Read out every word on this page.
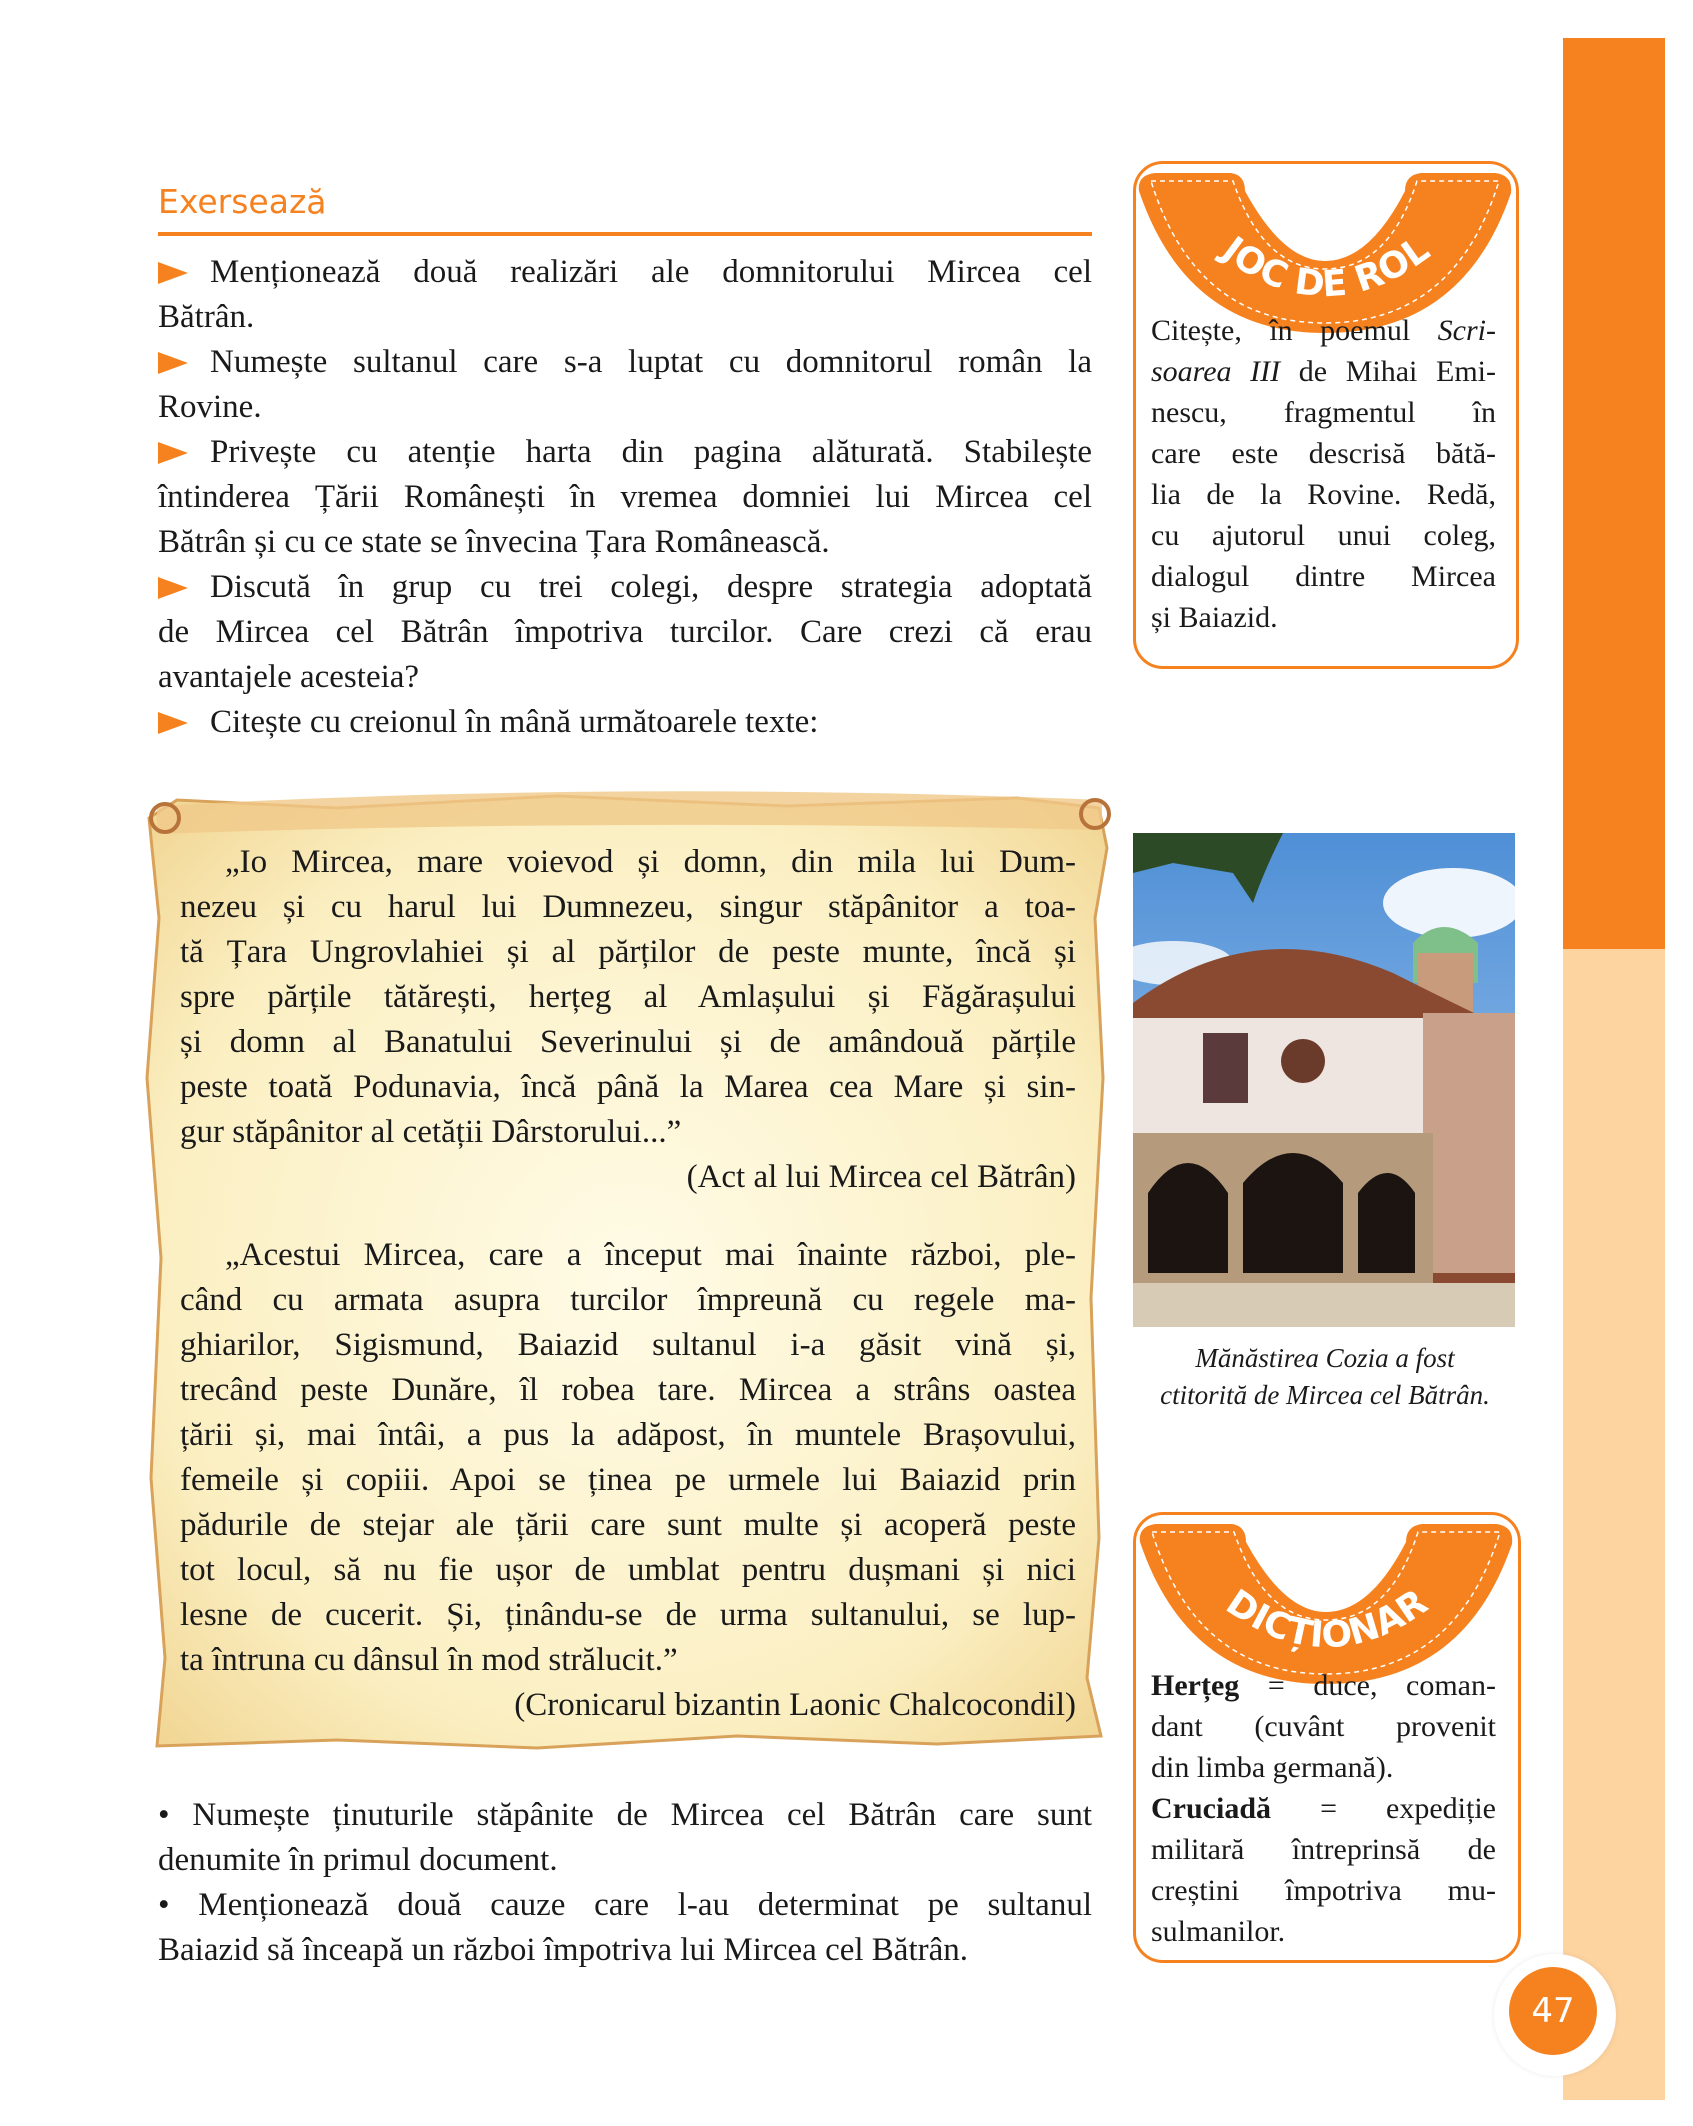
Exersează
Menționează două realizări ale domnitorului Mircea cel
Bătrân.
Numește sultanul care s-a luptat cu domnitorul român la
Rovine.
Privește cu atenție harta din pagina alăturată. Stabilește
întinderea Țării Românești în vremea domniei lui Mircea cel
Bătrân și cu ce state se învecina Țara Românească.
Discută în grup cu trei colegi, despre strategia adoptată
de Mircea cel Bătrân împotriva turcilor. Care crezi că erau
avantajele acesteia?
Citește cu creionul în mână următoarele texte:
„Io Mircea, mare voievod și domn, din mila lui Dum-
nezeu și cu harul lui Dumnezeu, singur stăpânitor a toa-
tă Țara Ungrovlahiei și al părților de peste munte, încă și
spre părțile tătărești, herțeg al Amlașului și Făgărașului
și domn al Banatului Severinului și de amândouă părțile
peste toată Podunavia, încă până la Marea cea Mare și sin-
gur stăpânitor al cetății Dârstorului...”
(Act al lui Mircea cel Bătrân)
„Acestui Mircea, care a început mai înainte război, ple-
când cu armata asupra turcilor împreună cu regele ma-
ghiarilor, Sigismund, Baiazid sultanul i-a găsit vină și,
trecând peste Dunăre, îl robea tare. Mircea a strâns oastea
țării și, mai întâi, a pus la adăpost, în muntele Brașovului,
femeile și copiii. Apoi se ținea pe urmele lui Baiazid prin
pădurile de stejar ale țării care sunt multe și acoperă peste
tot locul, să nu fie ușor de umblat pentru dușmani și nici
lesne de cucerit. Și, ținându-se de urma sultanului, se lup-
ta întruna cu dânsul în mod strălucit.”
(Cronicarul bizantin Laonic Chalcocondil)
• Numește ținuturile stăpânite de Mircea cel Bătrân care sunt
denumite în primul document.
• Menționează două cauze care l-au determinat pe sultanul
Baiazid să înceapă un război împotriva lui Mircea cel Bătrân.
JOC DE ROL
Citește, în poemul Scri-
soarea III de Mihai Emi-
nescu, fragmentul în
care este descrisă bătă-
lia de la Rovine. Redă,
cu ajutorul unui coleg,
dialogul dintre Mircea
și Baiazid.
Mănăstirea Cozia a fost
ctitorită de Mircea cel Bătrân.
DICȚIONAR
Herțeg = duce, coman-
dant (cuvânt provenit
din limba germană).
Cruciadă = expediție
militară întreprinsă de
creștini împotriva mu-
sulmanilor.
47
